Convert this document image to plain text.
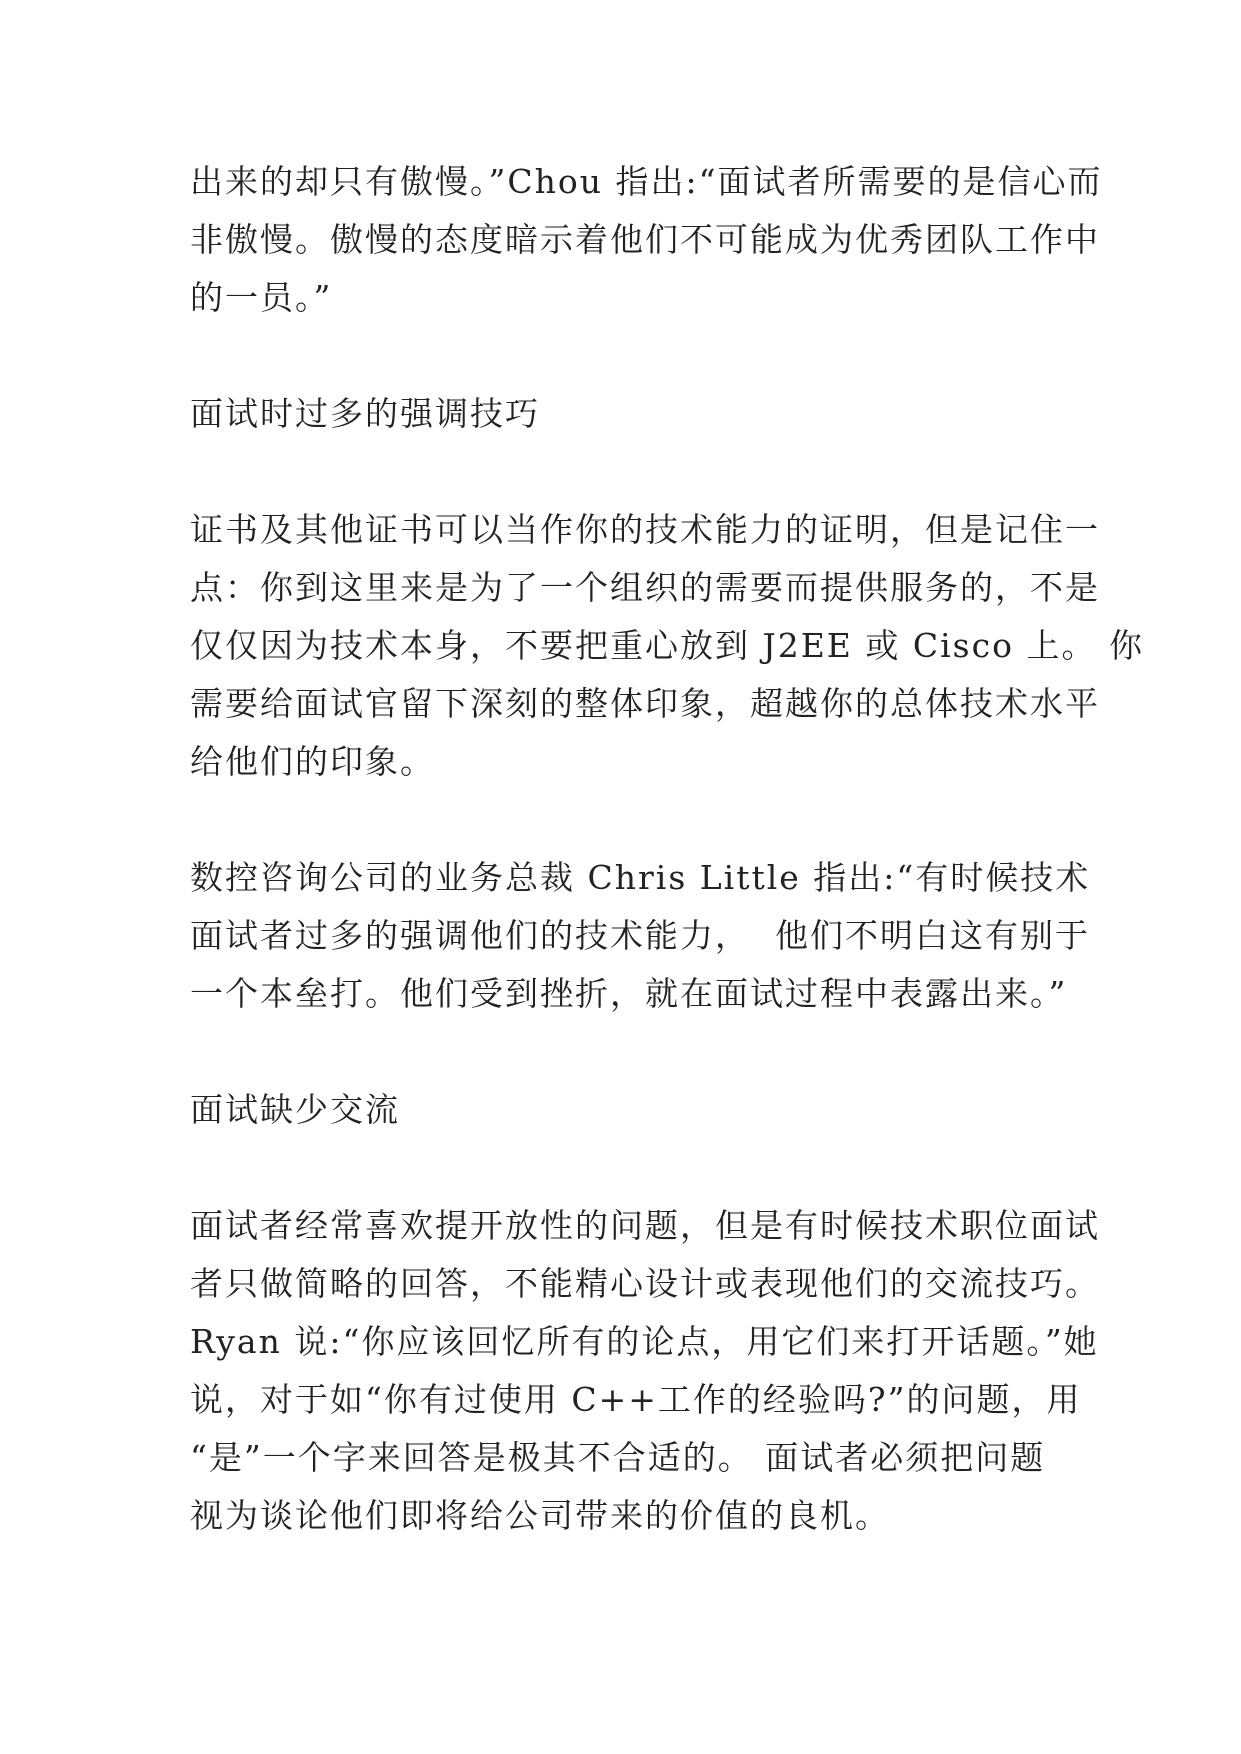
出来的却只有傲慢。”Chou 指出:“面试者所需要的是信心而
非傲慢。傲慢的态度暗示着他们不可能成为优秀团队工作中
的一员。”
面试时过多的强调技巧
证书及其他证书可以当作你的技术能力的证明，但是记住一
点：你到这里来是为了一个组织的需要而提供服务的，不是
仅仅因为技术本身，不要把重心放到 J2EE 或 Cisco 上。 你
需要给面试官留下深刻的整体印象，超越你的总体技术水平
给他们的印象。
数控咨询公司的业务总裁 Chris Little 指出:“有时候技术
面试者过多的强调他们的技术能力，  他们不明白这有别于
一个本垒打。他们受到挫折，就在面试过程中表露出来。”
面试缺少交流
面试者经常喜欢提开放性的问题，但是有时候技术职位面试
者只做简略的回答，不能精心设计或表现他们的交流技巧。
Ryan 说:“你应该回忆所有的论点，用它们来打开话题。”她
说，对于如“你有过使用 C++工作的经验吗?”的问题，用
“是”一个字来回答是极其不合适的。 面试者必须把问题
视为谈论他们即将给公司带来的价值的良机。
